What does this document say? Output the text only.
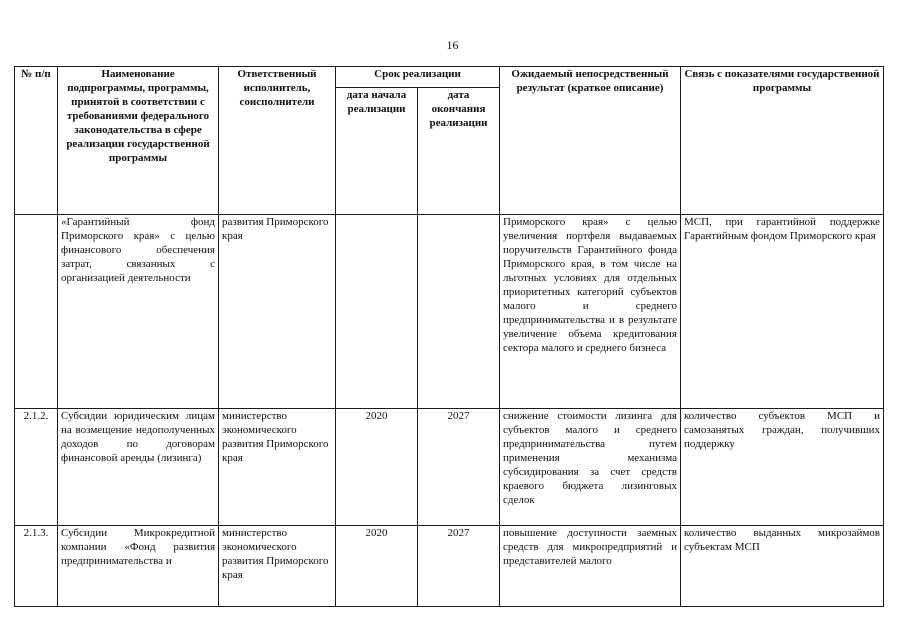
16
№ п/п	Наименование подпрограммы, программы, принятой в соответствии с требованиями федерального законодательства в сфере реализации государственной программы	Ответственный исполнитель, соисполнители	Срок реализации		Ожидаемый непосредственный результат (краткое описание)	Связь с показателями государственной программы
			дата начала реализации	дата окончания реализации		
	«Гарантийный фонд Приморского края» с целью финансового обеспечения затрат, связанных с организацией деятельности	развития Приморского края			Приморского края» с целью увеличения портфеля выдаваемых поручительств Гарантийного фонда Приморского края, в том числе на льготных условиях для отдельных приоритетных категорий субъектов малого и среднего предпринимательства и в результате увеличение объема кредитования сектора малого и среднего бизнеса	МСП, при гарантийной поддержке Гарантийным фондом Приморского края
2.1.2.	Субсидии юридическим лицам на возмещение недополученных доходов по договорам финансовой аренды (лизинга)	министерство экономического развития Приморского края	2020	2027	снижение стоимости лизинга для субъектов малого и среднего предпринимательства путем применения механизма субсидирования за счет средств краевого бюджета лизинговых сделок	количество субъектов МСП и самозанятых граждан, получивших поддержку
2.1.3.	Субсидии Микрокредитной компании «Фонд развития предпринимательства и	министерство экономического развития Приморского края	2020	2027	повышение доступности заемных средств для микропредприятий и представителей малого	количество выданных микрозаймов субъектам МСП
